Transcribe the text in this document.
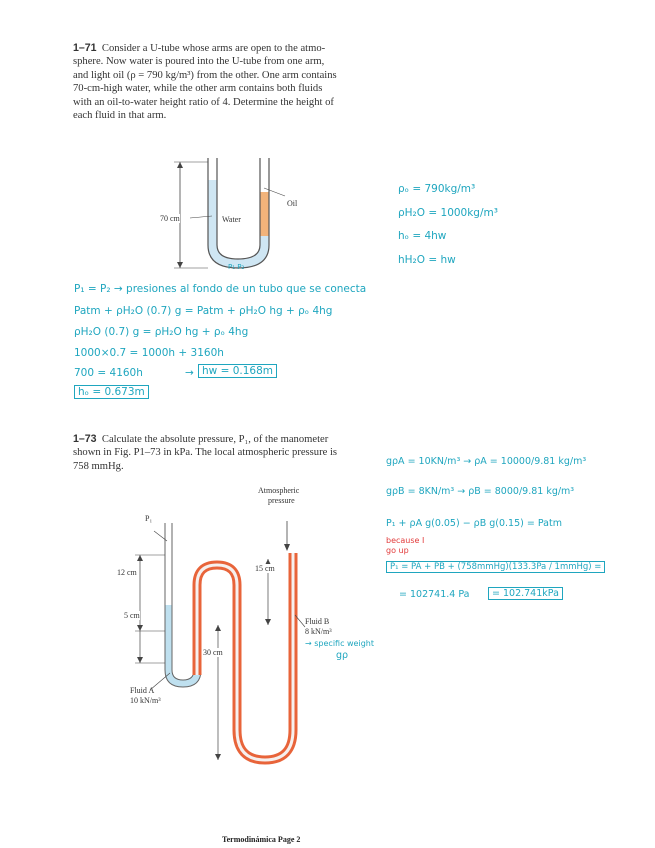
1–71 Consider a U-tube whose arms are open to the atmo-
sphere. Now water is poured into the U-tube from one arm,
and light oil (ρ = 790 kg/m³) from the other. One arm contains
70-cm-high water, while the other arm contains both fluids
with an oil-to-water height ratio of 4. Determine the height of
each fluid in that arm.
70 cm	Water
Oil
P₁ P₂
ρₒ = 790kg/m³
ρH₂O = 1000kg/m³
hₒ = 4hw
hH₂O = hw
P₁ = P₂ → presiones al fondo de un tubo que se conecta
Patm + ρH₂O (0.7) g = Patm + ρH₂O hg + ρₒ 4hg
ρH₂O (0.7) g = ρH₂O hg + ρₒ 4hg
1000×0.7 = 1000h + 3160h
700 = 4160h	→ hw = 0.168m
hₒ = 0.673m
1–73 Calculate the absolute pressure, P₁, of the manometer
shown in Fig. P1–73 in kPa. The local atmospheric pressure is
758 mmHg.
P₁
Atmospheric
pressure
12 cm	15 cm
5 cm
30 cm
Fluid B
8 kN/m³
Fluid A
10 kN/m³
gρA = 10KN/m³ → ρA = 10000/9.81 kg/m³
gρB = 8KN/m³ → ρB = 8000/9.81 kg/m³
P₁ + ρA g(0.05) − ρB g(0.15) = Patm
because I
go up
P₁ = PA + PB + (758mmHg)(133.3Pa / 1mmHg) =
= 102741.4 Pa	= 102.741kPa
→ specific weight
gρ
Termodinámica Page 2
